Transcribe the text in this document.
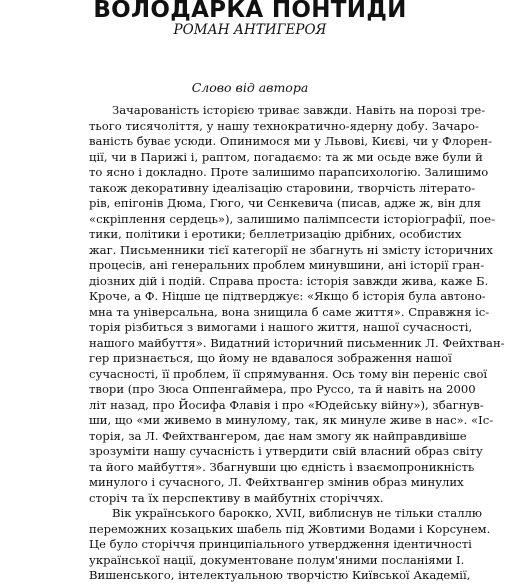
ВОЛОДАРКА ПОНТИДИ
РОМАН АНТИГЕРОЯ
Слово від автора
Зачарованість історією триває завжди. Навіть на порозі тре-
тього тисячоліття, у нашу технократично-ядерну добу. Зачаро-
ваність буває усюди. Опинимося ми у Львові, Києві, чи у Флорен-
ції, чи в Парижі і, раптом, погадаємо: та ж ми осьде вже були й
то ясно і докладно. Проте залишимо парапсихологію. Залишимо
також декоративну ідеалізацію старовини, творчість літерато-
рів, епігонів Дюма, Гюго, чи Сєнкевича (писав, адже ж, він для
«скріплення сердець»), залишимо палімпсести історіографії, пое-
тики, політики і еротики; беллетризацію дрібних, особистих
жаг. Письменники тієї категорії не збагнуть ні змісту історичних
процесів, ані генеральних проблем минувшини, ані історії гран-
діозних дій і подій. Справа проста: історія завжди жива, каже Б.
Кроче, а Ф. Ніцше це підтверджує: «Якщо б історія була автоно-
мна та універсальна, вона знищила б саме життя». Справжня іс-
торія різбиться з вимогами і нашого життя, нашої сучасності,
нашого майбуття». Видатний історичний письменник Л. Фейхтван-
гер признається, що йому не вдавалося зображення нашої
сучасності, її проблем, її спрямування. Ось тому він переніс свої
твори (про Зюса Оппенгаймера, про Руссо, та й навіть на 2000
літ назад, про Йосифа Флавія і про «Юдейську війну»), збагнув-
ши, що «ми живемо в минулому, так, як минуле живе в нас». «Іс-
торія, за Л. Фейхтвангером, дає нам змогу як найправдивіше
зрозуміти нашу сучасність і утвердити свій власний образ світу
та його майбуття». Збагнувши цю єдність і взаємопроникність
минулого і сучасного, Л. Фейхтвангер змінив образ минулих
сторіч та їх перспективу в майбутніх сторіччях.
Вік українського барокко, XVII, виблиснув не тільки сталлю
переможних козацьких шабель під Жовтими Водами і Корсунем.
Це було сторіччя принципіального утвердження ідентичності
української нації, документоване полум'яними посланіями І.
Вишенського, інтелектуальною творчістю Київської Академії,
